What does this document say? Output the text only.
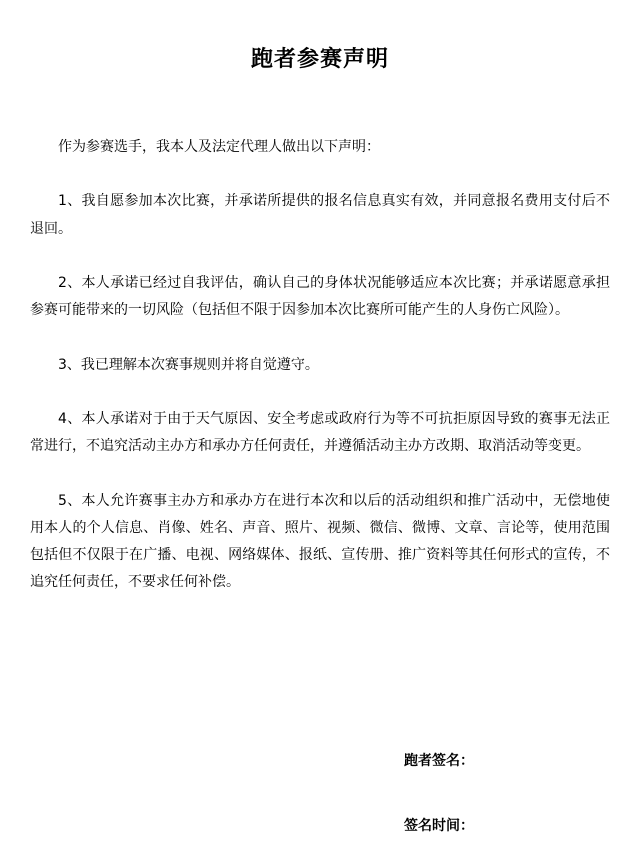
跑者参赛声明

作为参赛选手，我本人及法定代理人做出以下声明：

1、我自愿参加本次比赛，并承诺所提供的报名信息真实有效，并同意报名费用支付后不退回。

2、本人承诺已经过自我评估，确认自己的身体状况能够适应本次比赛；并承诺愿意承担参赛可能带来的一切风险（包括但不限于因参加本次比赛所可能产生的人身伤亡风险）。

3、我已理解本次赛事规则并将自觉遵守。

4、本人承诺对于由于天气原因、安全考虑或政府行为等不可抗拒原因导致的赛事无法正常进行，不追究活动主办方和承办方任何责任，并遵循活动主办方改期、取消活动等变更。

5、本人允许赛事主办方和承办方在进行本次和以后的活动组织和推广活动中，无偿地使用本人的个人信息、肖像、姓名、声音、照片、视频、微信、微博、文章、言论等，使用范围包括但不仅限于在广播、电视、网络媒体、报纸、宣传册、推广资料等其任何形式的宣传，不追究任何责任，不要求任何补偿。

跑者签名：
签名时间：
